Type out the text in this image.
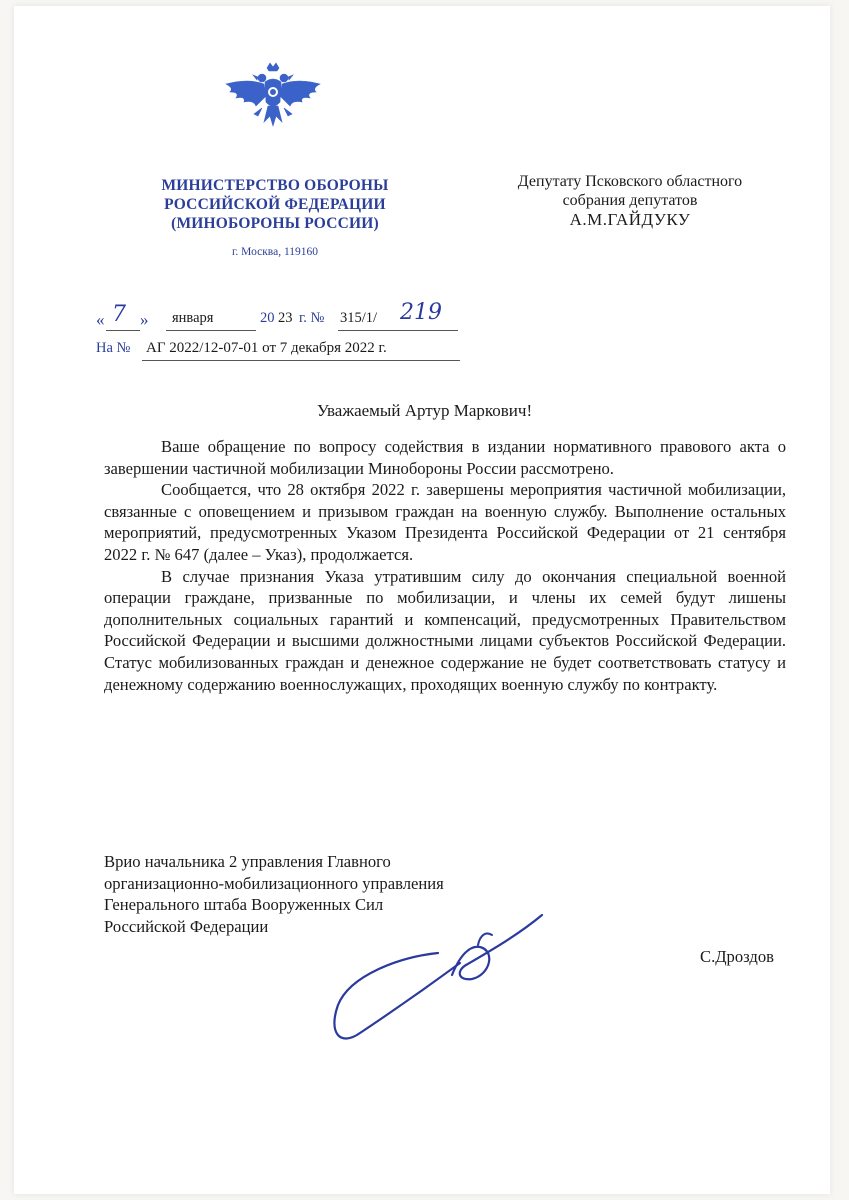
МИНИСТЕРСТВО ОБОРОНЫ
РОССИЙСКОЙ ФЕДЕРАЦИИ
(МИНОБОРОНЫ РОССИИ)
г. Москва, 119160
Депутату Псковского областного
собрания депутатов
А.М.ГАЙДУКУ
« 7 » января	20 23 г. № 315/1/ 219
На № АГ 2022/12-07-01 от 7 декабря 2022 г.
Уважаемый Артур Маркович!

Ваше обращение по вопросу содействия в издании нормативного правового акта о завершении частичной мобилизации Минобороны России рассмотрено.

Сообщается, что 28 октября 2022 г. завершены мероприятия частичной мобилизации, связанные с оповещением и призывом граждан на военную службу. Выполнение остальных мероприятий, предусмотренных Указом Президента Российской Федерации от 21 сентября 2022 г. № 647 (далее – Указ), продолжается.

В случае признания Указа утратившим силу до окончания специальной военной операции граждане, призванные по мобилизации, и члены их семей будут лишены дополнительных социальных гарантий и компенсаций, предусмотренных Правительством Российской Федерации и высшими должностными лицами субъектов Российской Федерации. Статус мобилизованных граждан и денежное содержание не будет соответствовать статусу и денежному содержанию военнослужащих, проходящих военную службу по контракту.

Врио начальника 2 управления Главного
организационно-мобилизационного управления
Генерального штаба Вооруженных Сил
Российской Федерации
С.Дроздов
